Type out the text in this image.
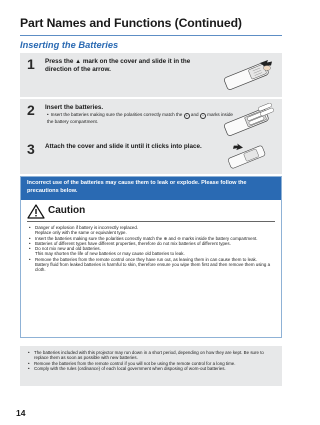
Part Names and Functions (Continued)
Inserting the Batteries
1 Press the ▲ mark on the cover and slide it in the direction of the arrow.
2 Insert the batteries.
• Insert the batteries making sure the polarities correctly match the + and − marks inside the battery compartment.
3 Attach the cover and slide it until it clicks into place.
Incorrect use of the batteries may cause them to leak or explode. Please follow the precautions below.
Caution
• Danger of explosion if battery is incorrectly replaced.
Replace only with the same or equivalent type.
• Insert the batteries making sure the polarities correctly match the ⊕ and ⊖ marks inside the battery compartment.
• Batteries of different types have different properties, therefore do not mix batteries of different types.
• Do not mix new and old batteries.
This may shorten the life of new batteries or may cause old batteries to leak.
• Remove the batteries from the remote control once they have run out, as leaving them in can cause them to leak.
Battery fluid from leaked batteries is harmful to skin, therefore ensure you wipe them first and then remove them using a cloth.
• The batteries included with this projector may run down in a short period, depending on how they are kept. Be sure to replace them as soon as possible with new batteries.
• Remove the batteries from the remote control if you will not be using the remote control for a long time.
• Comply with the rules (ordinance) of each local government when disposing of worn-out batteries.
14
